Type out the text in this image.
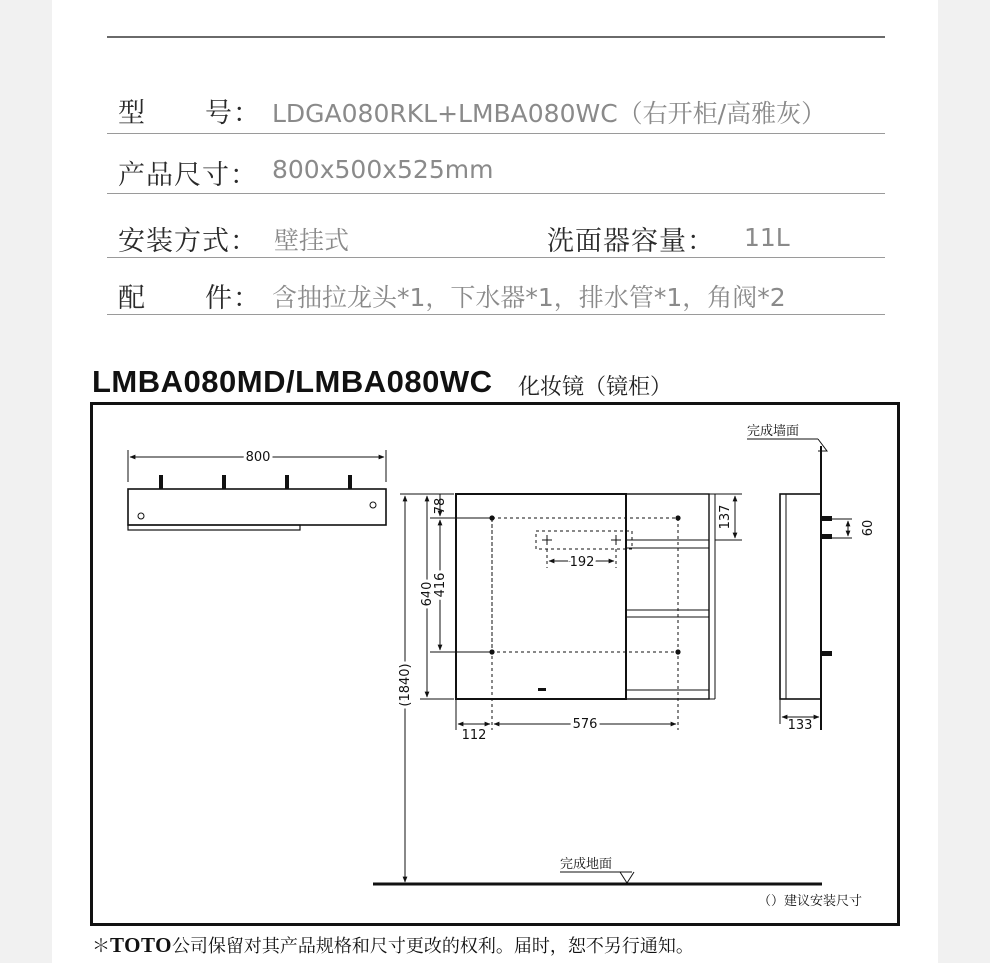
型 号： LDGA080RKL+LMBA080WC（右开柜/高雅灰）
产品尺寸： 800x500x525mm
安装方式： 壁挂式	洗面器容量： 11L
配 件： 含抽拉龙头*1，下水器*1，排水管*1，角阀*2
LMBA080MD/LMBA080WC 化妆镜（镜柜）
800
192
576
112
133
640
416
78	137
(1840)
60
完成墙面
完成地面
（）建议安装尺寸
＊TOTO公司保留对其产品规格和尺寸更改的权利。届时，恕不另行通知。
